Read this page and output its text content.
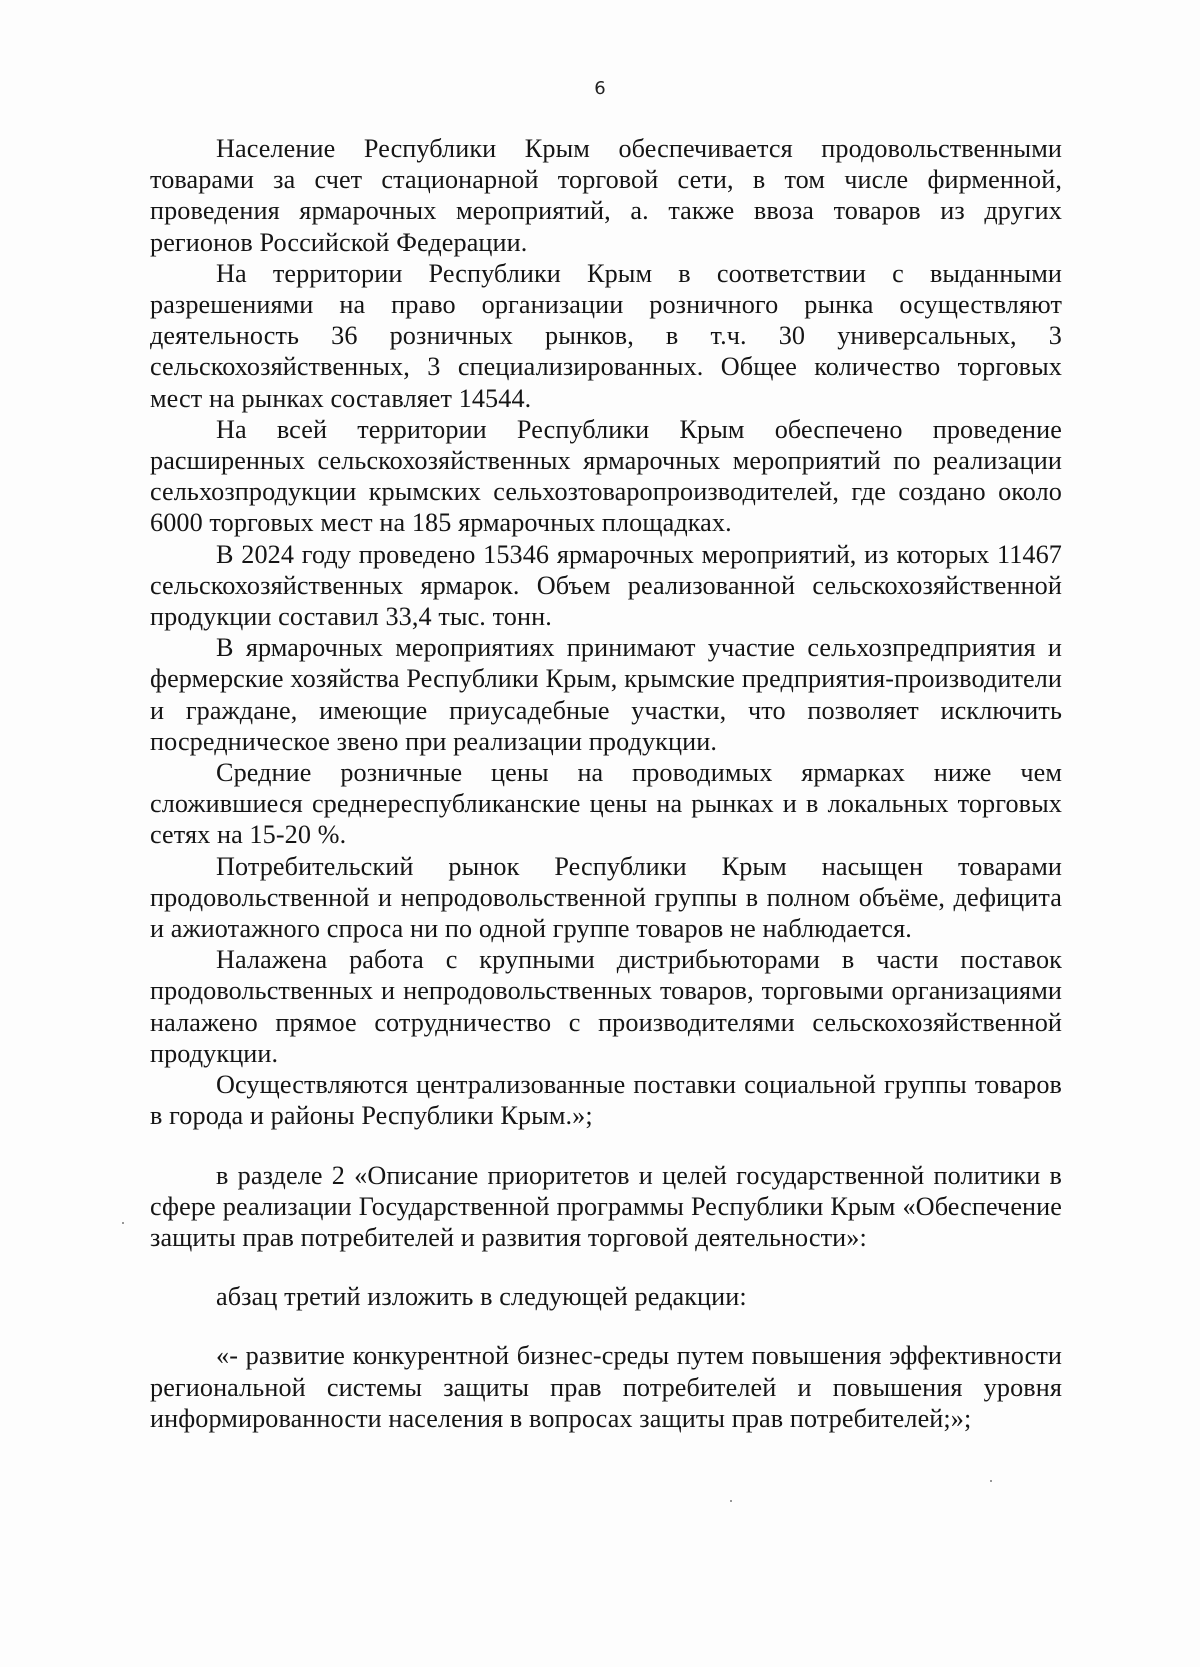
6

Население Республики Крым обеспечивается продовольственными товарами за счет стационарной торговой сети, в том числе фирменной, проведения ярмарочных мероприятий, а. также ввоза товаров из других регионов Российской Федерации.

На территории Республики Крым в соответствии с выданными разрешениями на право организации розничного рынка осуществляют деятельность 36 розничных рынков, в т.ч. 30 универсальных, 3 сельскохозяйственных, 3 специализированных. Общее количество торговых мест на рынках составляет 14544.

На всей территории Республики Крым обеспечено проведение расширенных сельскохозяйственных ярмарочных мероприятий по реализации сельхозпродукции крымских сельхозтоваропроизводителей, где создано около 6000 торговых мест на 185 ярмарочных площадках.

В 2024 году проведено 15346 ярмарочных мероприятий, из которых 11467 сельскохозяйственных ярмарок. Объем реализованной сельскохозяйственной продукции составил 33,4 тыс. тонн.

В ярмарочных мероприятиях принимают участие сельхозпредприятия и фермерские хозяйства Республики Крым, крымские предприятия-производители и граждане, имеющие приусадебные участки, что позволяет исключить посредническое звено при реализации продукции.

Средние розничные цены на проводимых ярмарках ниже чем сложившиеся среднереспубликанские цены на рынках и в локальных торговых сетях на 15-20 %.

Потребительский рынок Республики Крым насыщен товарами продовольственной и непродовольственной группы в полном объёме, дефицита и ажиотажного спроса ни по одной группе товаров не наблюдается.

Налажена работа с крупными дистрибьюторами в части поставок продовольственных и непродовольственных товаров, торговыми организациями налажено прямое сотрудничество с производителями сельскохозяйственной продукции.

Осуществляются централизованные поставки социальной группы товаров в города и районы Республики Крым.»;

в разделе 2 «Описание приоритетов и целей государственной политики в сфере реализации Государственной программы Республики Крым «Обеспечение защиты прав потребителей и развития торговой деятельности»:

абзац третий изложить в следующей редакции:

«- развитие конкурентной бизнес-среды путем повышения эффективности региональной системы защиты прав потребителей и повышения уровня информированности населения в вопросах защиты прав потребителей;»;
